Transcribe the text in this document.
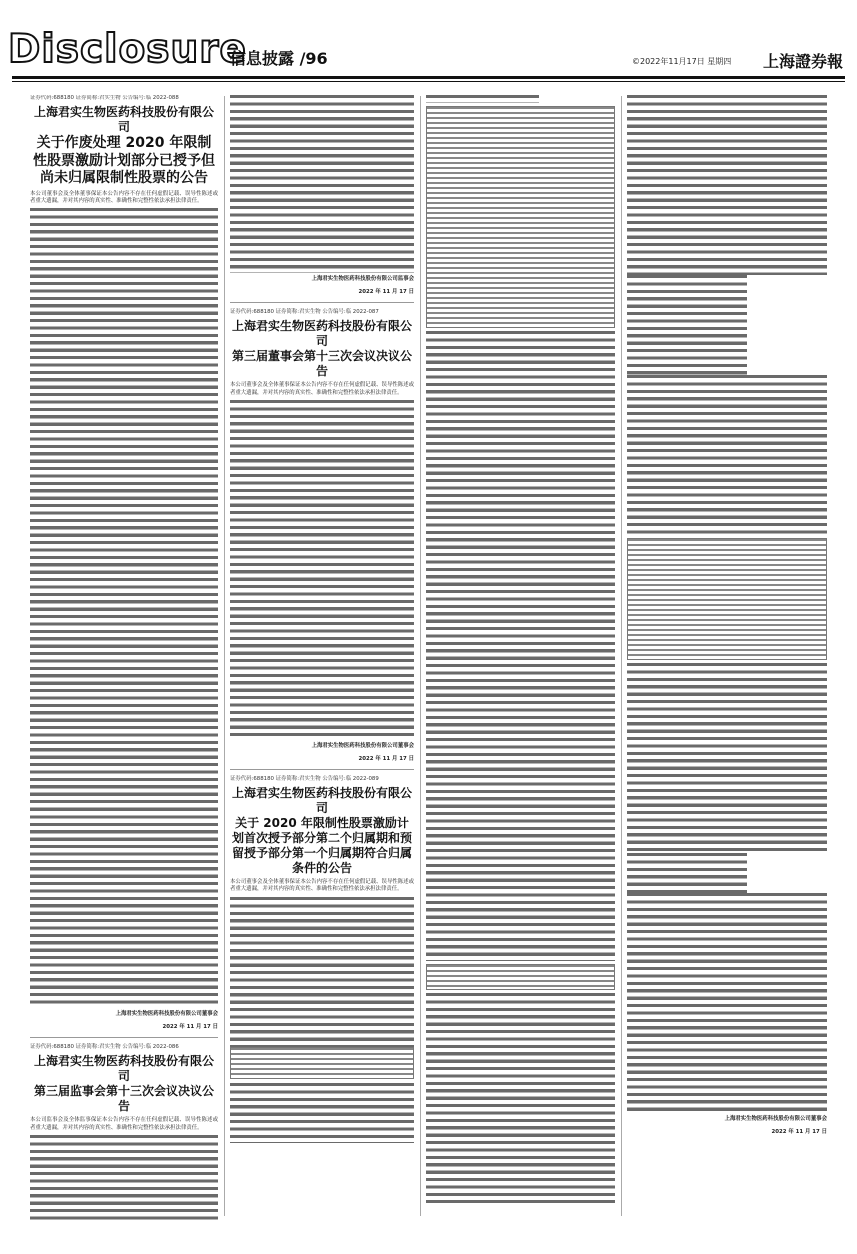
Disclosure
信息披露 /96	©2022年11月17日 星期四 上海證券報
证券代码:688180 证券简称:君实生物 公告编号:临 2022-088
上海君实生物医药科技股份有限公司
关于作废处理 2020 年限制性股票激励计划部分已授予但尚未归属限制性股票的公告
本公司董事会及全体董事保证本公告内容不存在任何虚假记载、误导性陈述或者重大遗漏，并对其内容的真实性、准确性和完整性依法承担法律责任。
上海君实生物医药科技股份有限公司董事会
2022 年 11 月 17 日
证券代码:688180 证券简称:君实生物 公告编号:临 2022-086
上海君实生物医药科技股份有限公司
第三届监事会第十三次会议决议公告
本公司监事会及全体监事保证本公告内容不存在任何虚假记载、误导性陈述或者重大遗漏，并对其内容的真实性、准确性和完整性依法承担法律责任。
上海君实生物医药科技股份有限公司监事会
2022 年 11 月 17 日
证券代码:688180 证券简称:君实生物 公告编号:临 2022-087
上海君实生物医药科技股份有限公司
第三届董事会第十三次会议决议公告
本公司董事会及全体董事保证本公告内容不存在任何虚假记载、误导性陈述或者重大遗漏，并对其内容的真实性、准确性和完整性依法承担法律责任。
上海君实生物医药科技股份有限公司董事会
2022 年 11 月 17 日
证券代码:688180 证券简称:君实生物 公告编号:临 2022-089
上海君实生物医药科技股份有限公司
关于 2020 年限制性股票激励计划首次授予部分第二个归属期和预留授予部分第一个归属期符合归属条件的公告
本公司董事会及全体董事保证本公告内容不存在任何虚假记载、误导性陈述或者重大遗漏，并对其内容的真实性、准确性和完整性依法承担法律责任。
上海君实生物医药科技股份有限公司董事会
2022 年 11 月 17 日
